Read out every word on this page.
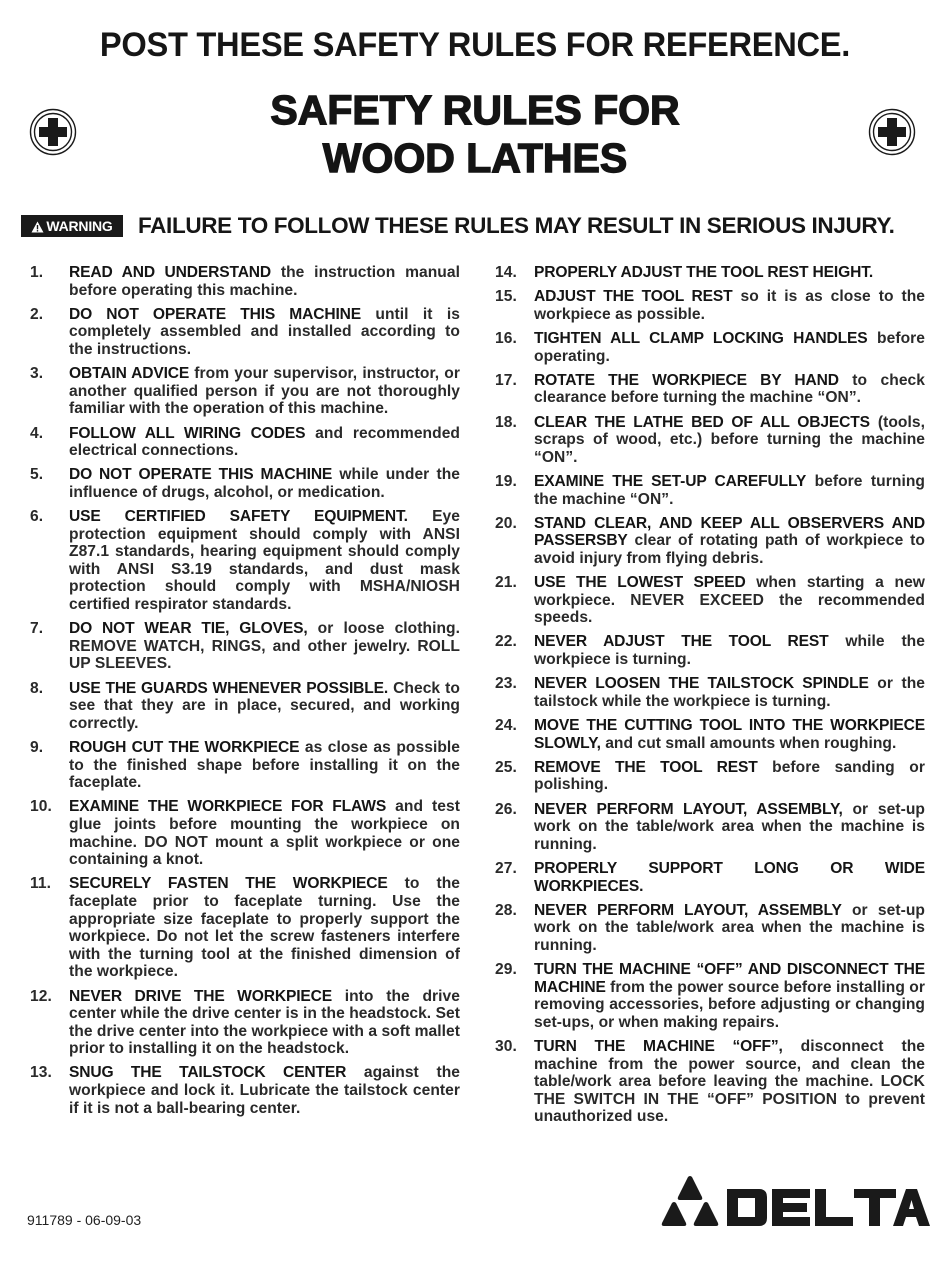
POST THESE SAFETY RULES FOR REFERENCE.
SAFETY RULES FOR
WOOD LATHES
WARNING	FAILURE TO FOLLOW THESE RULES MAY RESULT IN SERIOUS INJURY.
1.	READ AND UNDERSTAND the instruction manual before operating this machine.
2.	DO NOT OPERATE THIS MACHINE until it is completely assembled and installed according to the instructions.
3.	OBTAIN ADVICE from your supervisor, instructor, or another qualified person if you are not thoroughly familiar with the operation of this machine.
4.	FOLLOW ALL WIRING CODES and recommended electrical connections.
5.	DO NOT OPERATE THIS MACHINE while under the influence of drugs, alcohol, or medication.
6.	USE CERTIFIED SAFETY EQUIPMENT. Eye protection equipment should comply with ANSI Z87.1 standards, hearing equipment should comply with ANSI S3.19 standards, and dust mask protection should comply with MSHA/NIOSH certified respirator standards.
7.	DO NOT WEAR TIE, GLOVES, or loose clothing. REMOVE WATCH, RINGS, and other jewelry. ROLL UP SLEEVES.
8.	USE THE GUARDS WHENEVER POSSIBLE. Check to see that they are in place, secured, and working correctly.
9.	ROUGH CUT THE WORKPIECE as close as possible to the finished shape before installing it on the faceplate.
10.	EXAMINE THE WORKPIECE FOR FLAWS and test glue joints before mounting the workpiece on machine. DO NOT mount a split workpiece or one containing a knot.
11.	SECURELY FASTEN THE WORKPIECE to the faceplate prior to faceplate turning. Use the appropriate size faceplate to properly support the workpiece. Do not let the screw fasteners interfere with the turning tool at the finished dimension of the workpiece.
12.	NEVER DRIVE THE WORKPIECE into the drive center while the drive center is in the headstock. Set the drive center into the workpiece with a soft mallet prior to installing it on the headstock.
13.	SNUG THE TAILSTOCK CENTER against the workpiece and lock it. Lubricate the tailstock center if it is not a ball-bearing center.
14.	PROPERLY ADJUST THE TOOL REST HEIGHT.
15.	ADJUST THE TOOL REST so it is as close to the workpiece as possible.
16.	TIGHTEN ALL CLAMP LOCKING HANDLES before operating.
17.	ROTATE THE WORKPIECE BY HAND to check clearance before turning the machine “ON”.
18.	CLEAR THE LATHE BED OF ALL OBJECTS (tools, scraps of wood, etc.) before turning the machine “ON”.
19.	EXAMINE THE SET-UP CAREFULLY before turning the machine “ON”.
20.	STAND CLEAR, AND KEEP ALL OBSERVERS AND PASSERSBY clear of rotating path of workpiece to avoid injury from flying debris.
21.	USE THE LOWEST SPEED when starting a new workpiece. NEVER EXCEED the recommended speeds.
22.	NEVER ADJUST THE TOOL REST while the workpiece is turning.
23.	NEVER LOOSEN THE TAILSTOCK SPINDLE or the tailstock while the workpiece is turning.
24.	MOVE THE CUTTING TOOL INTO THE WORKPIECE SLOWLY, and cut small amounts when roughing.
25.	REMOVE THE TOOL REST before sanding or polishing.
26.	NEVER PERFORM LAYOUT, ASSEMBLY, or set-up work on the table/work area when the machine is running.
27.	PROPERLY SUPPORT LONG OR WIDE WORKPIECES.
28.	NEVER PERFORM LAYOUT, ASSEMBLY or set-up work on the table/work area when the machine is running.
29.	TURN THE MACHINE “OFF” AND DISCONNECT THE MACHINE from the power source before installing or removing accessories, before adjusting or changing set-ups, or when making repairs.
30.	TURN THE MACHINE “OFF”, disconnect the machine from the power source, and clean the table/work area before leaving the machine. LOCK THE SWITCH IN THE “OFF” POSITION to prevent unauthorized use.
911789 - 06-09-03
